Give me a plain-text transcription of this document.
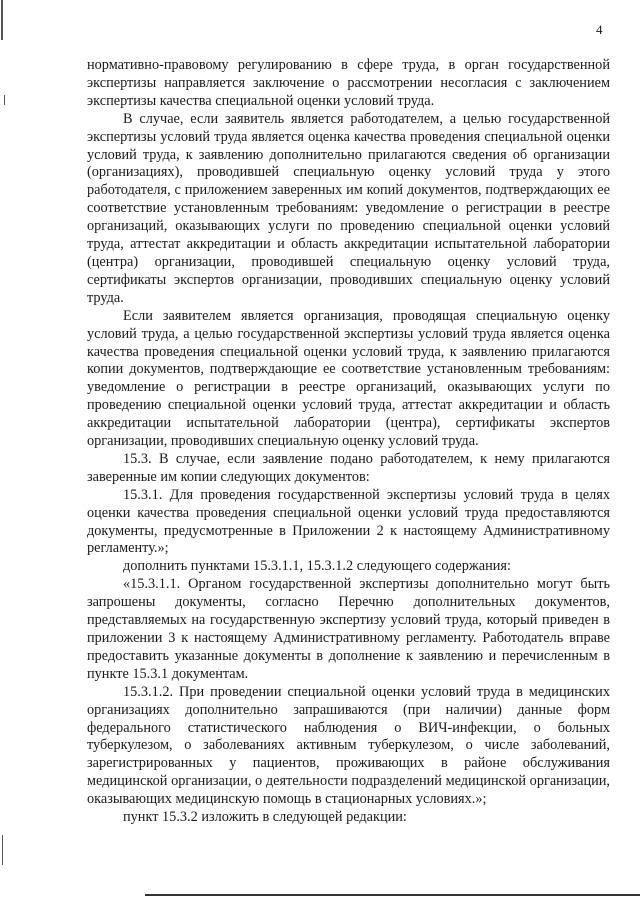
4

нормативно-правовому регулированию в сфере труда, в орган государственной экспертизы направляется заключение о рассмотрении несогласия с заключением экспертизы качества специальной оценки условий труда.

В случае, если заявитель является работодателем, а целью государственной экспертизы условий труда является оценка качества проведения специальной оценки условий труда, к заявлению дополнительно прилагаются сведения об организации (организациях), проводившей специальную оценку условий труда у этого работодателя, с приложением заверенных им копий документов, подтверждающих ее соответствие установленным требованиям: уведомление о регистрации в реестре организаций, оказывающих услуги по проведению специальной оценки условий труда, аттестат аккредитации и область аккредитации испытательной лаборатории (центра) организации, проводившей специальную оценку условий труда, сертификаты экспертов организации, проводивших специальную оценку условий труда.

Если заявителем является организация, проводящая специальную оценку условий труда, а целью государственной экспертизы условий труда является оценка качества проведения специальной оценки условий труда, к заявлению прилагаются копии документов, подтверждающие ее соответствие установленным требованиям: уведомление о регистрации в реестре организаций, оказывающих услуги по проведению специальной оценки условий труда, аттестат аккредитации и область аккредитации испытательной лаборатории (центра), сертификаты экспертов организации, проводивших специальную оценку условий труда.

15.3. В случае, если заявление подано работодателем, к нему прилагаются заверенные им копии следующих документов:

15.3.1. Для проведения государственной экспертизы условий труда в целях оценки качества проведения специальной оценки условий труда предоставляются документы, предусмотренные в Приложении 2 к настоящему Административному регламенту.»;

дополнить пунктами 15.3.1.1, 15.3.1.2 следующего содержания:

«15.3.1.1. Органом государственной экспертизы дополнительно могут быть запрошены документы, согласно Перечню дополнительных документов, представляемых на государственную экспертизу условий труда, который приведен в приложении 3 к настоящему Административному регламенту. Работодатель вправе предоставить указанные документы в дополнение к заявлению и перечисленным в пункте 15.3.1 документам.

15.3.1.2. При проведении специальной оценки условий труда в медицинских организациях дополнительно запрашиваются (при наличии) данные форм федерального статистического наблюдения о ВИЧ-инфекции, о больных туберкулезом, о заболеваниях активным туберкулезом, о числе заболеваний, зарегистрированных у пациентов, проживающих в районе обслуживания медицинской организации, о деятельности подразделений медицинской организации, оказывающих медицинскую помощь в стационарных условиях.»;

пункт 15.3.2 изложить в следующей редакции:
